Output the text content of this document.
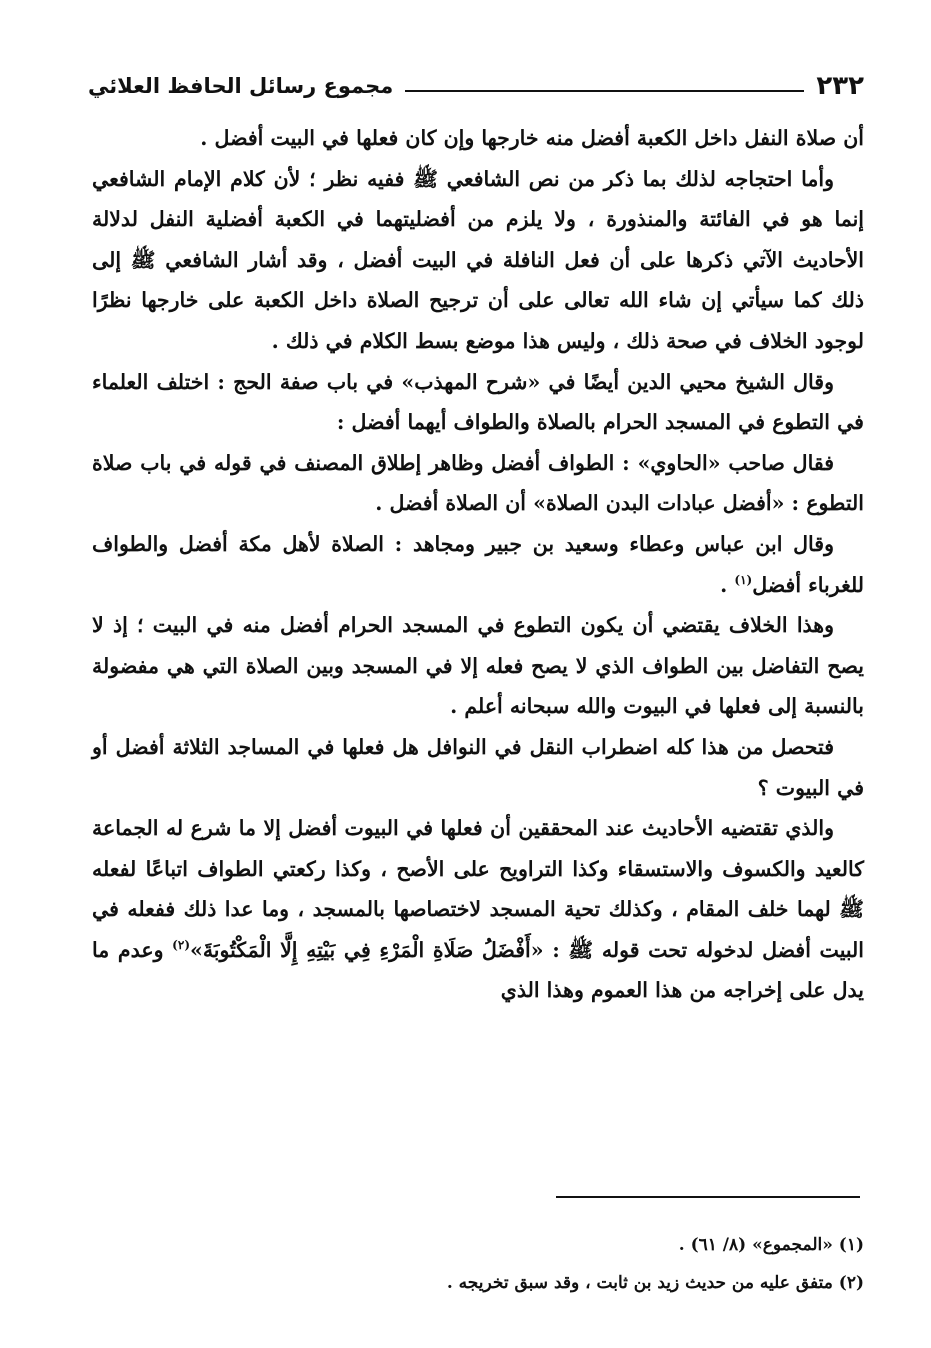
٢٣٢
مجموع رسائل الحافظ العلائي

أن صلاة النفل داخل الكعبة أفضل منه خارجها وإن كان فعلها في البيت أفضل .

وأما احتجاجه لذلك بما ذكر من نص الشافعي ﷺ ففيه نظر ؛ لأن كلام الإمام الشافعي إنما هو في الفائتة والمنذورة ، ولا يلزم من أفضليتهما في الكعبة أفضلية النفل لدلالة الأحاديث الآتي ذكرها على أن فعل النافلة في البيت أفضل ، وقد أشار الشافعي ﷺ إلى ذلك كما سيأتي إن شاء الله تعالى على أن ترجيح الصلاة داخل الكعبة على خارجها نظرًا لوجود الخلاف في صحة ذلك ، وليس هذا موضع بسط الكلام في ذلك .

وقال الشيخ محيي الدين أيضًا في «شرح المهذب» في باب صفة الحج : اختلف العلماء في التطوع في المسجد الحرام بالصلاة والطواف أيهما أفضل :

فقال صاحب «الحاوي» : الطواف أفضل وظاهر إطلاق المصنف في قوله في باب صلاة التطوع : «أفضل عبادات البدن الصلاة» أن الصلاة أفضل .

وقال ابن عباس وعطاء وسعيد بن جبير ومجاهد : الصلاة لأهل مكة أفضل والطواف للغرباء أفضل$^{(١)}$ .

وهذا الخلاف يقتضي أن يكون التطوع في المسجد الحرام أفضل منه في البيت ؛ إذ لا يصح التفاضل بين الطواف الذي لا يصح فعله إلا في المسجد وبين الصلاة التي هي مفضولة بالنسبة إلى فعلها في البيوت والله سبحانه أعلم .

فتحصل من هذا كله اضطراب النقل في النوافل هل فعلها في المساجد الثلاثة أفضل أو في البيوت ؟

والذي تقتضيه الأحاديث عند المحققين أن فعلها في البيوت أفضل إلا ما شرع له الجماعة كالعيد والكسوف والاستسقاء وكذا التراويح على الأصح ، وكذا ركعتي الطواف اتباعًا لفعله ﷺ لهما خلف المقام ، وكذلك تحية المسجد لاختصاصها بالمسجد ، وما عدا ذلك ففعله في البيت أفضل لدخوله تحت قوله ﷺ : «أَفْضَلُ صَلَاةِ الْمَرْءِ فِي بَيْتِهِ إِلَّا الْمَكْتُوبَةَ»$^{(٢)}$ وعدم ما يدل على إخراجه من هذا العموم وهذا الذي

(١) «المجموع» (٨/ ٦١) .
(٢) متفق عليه من حديث زيد بن ثابت ، وقد سبق تخريجه .
